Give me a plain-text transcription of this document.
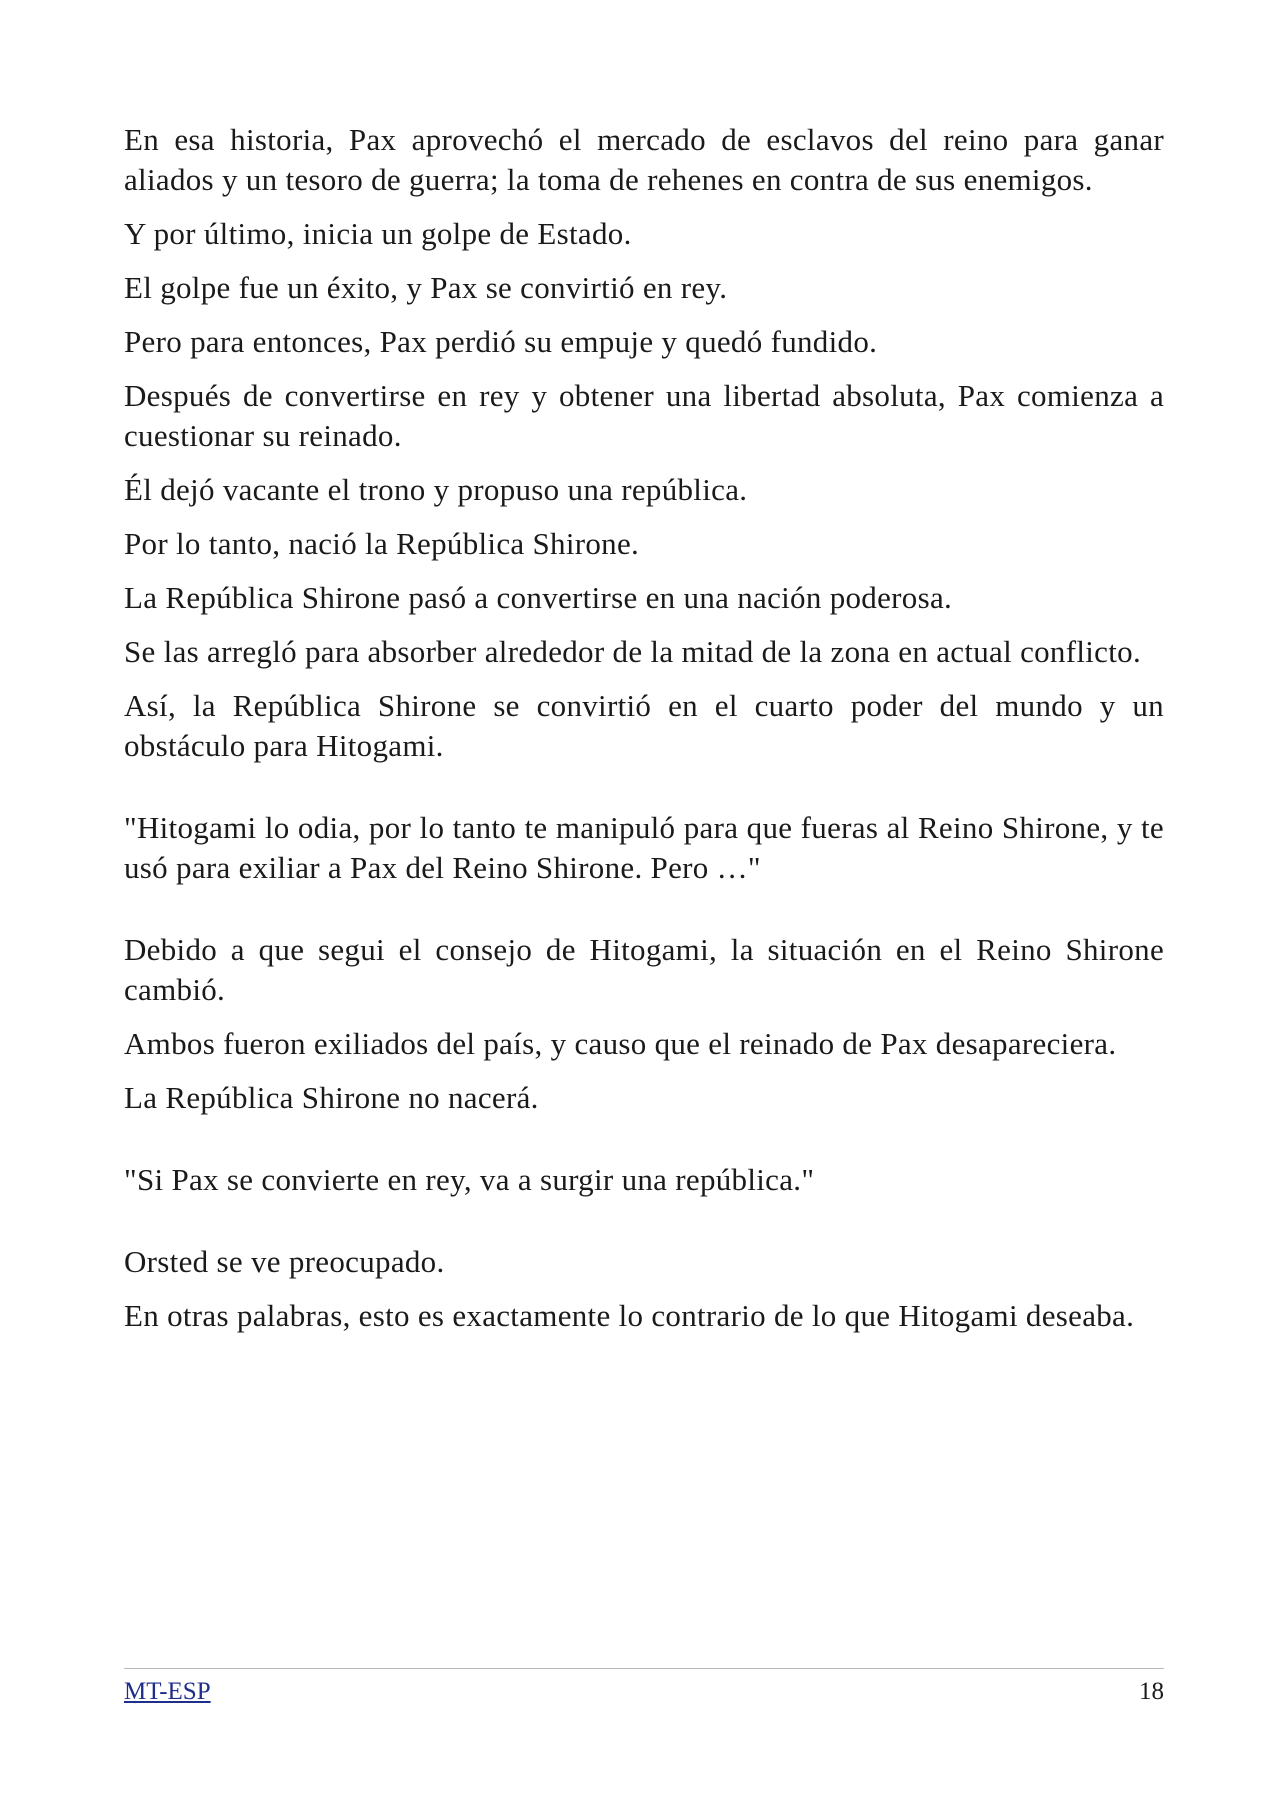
En esa historia, Pax aprovechó el mercado de esclavos del reino para ganar aliados y un tesoro de guerra; la toma de rehenes en contra de sus enemigos.

Y por último, inicia un golpe de Estado.

El golpe fue un éxito, y Pax se convirtió en rey.

Pero para entonces, Pax perdió su empuje y quedó fundido.

Después de convertirse en rey y obtener una libertad absoluta, Pax comienza a cuestionar su reinado.

Él dejó vacante el trono y propuso una república.

Por lo tanto, nació la República Shirone.

La República Shirone pasó a convertirse en una nación poderosa.

Se las arregló para absorber alrededor de la mitad de la zona en actual conflicto.

Así, la República Shirone se convirtió en el cuarto poder del mundo y un obstáculo para Hitogami.

"Hitogami lo odia, por lo tanto te manipuló para que fueras al Reino Shirone, y te usó para exiliar a Pax del Reino Shirone. Pero …"

Debido a que segui el consejo de Hitogami, la situación en el Reino Shirone cambió.

Ambos fueron exiliados del país, y causo que el reinado de Pax desapareciera.

La República Shirone no nacerá.

"Si Pax se convierte en rey, va a surgir una república."

Orsted se ve preocupado.

En otras palabras, esto es exactamente lo contrario de lo que Hitogami deseaba.

MT-ESP	18
